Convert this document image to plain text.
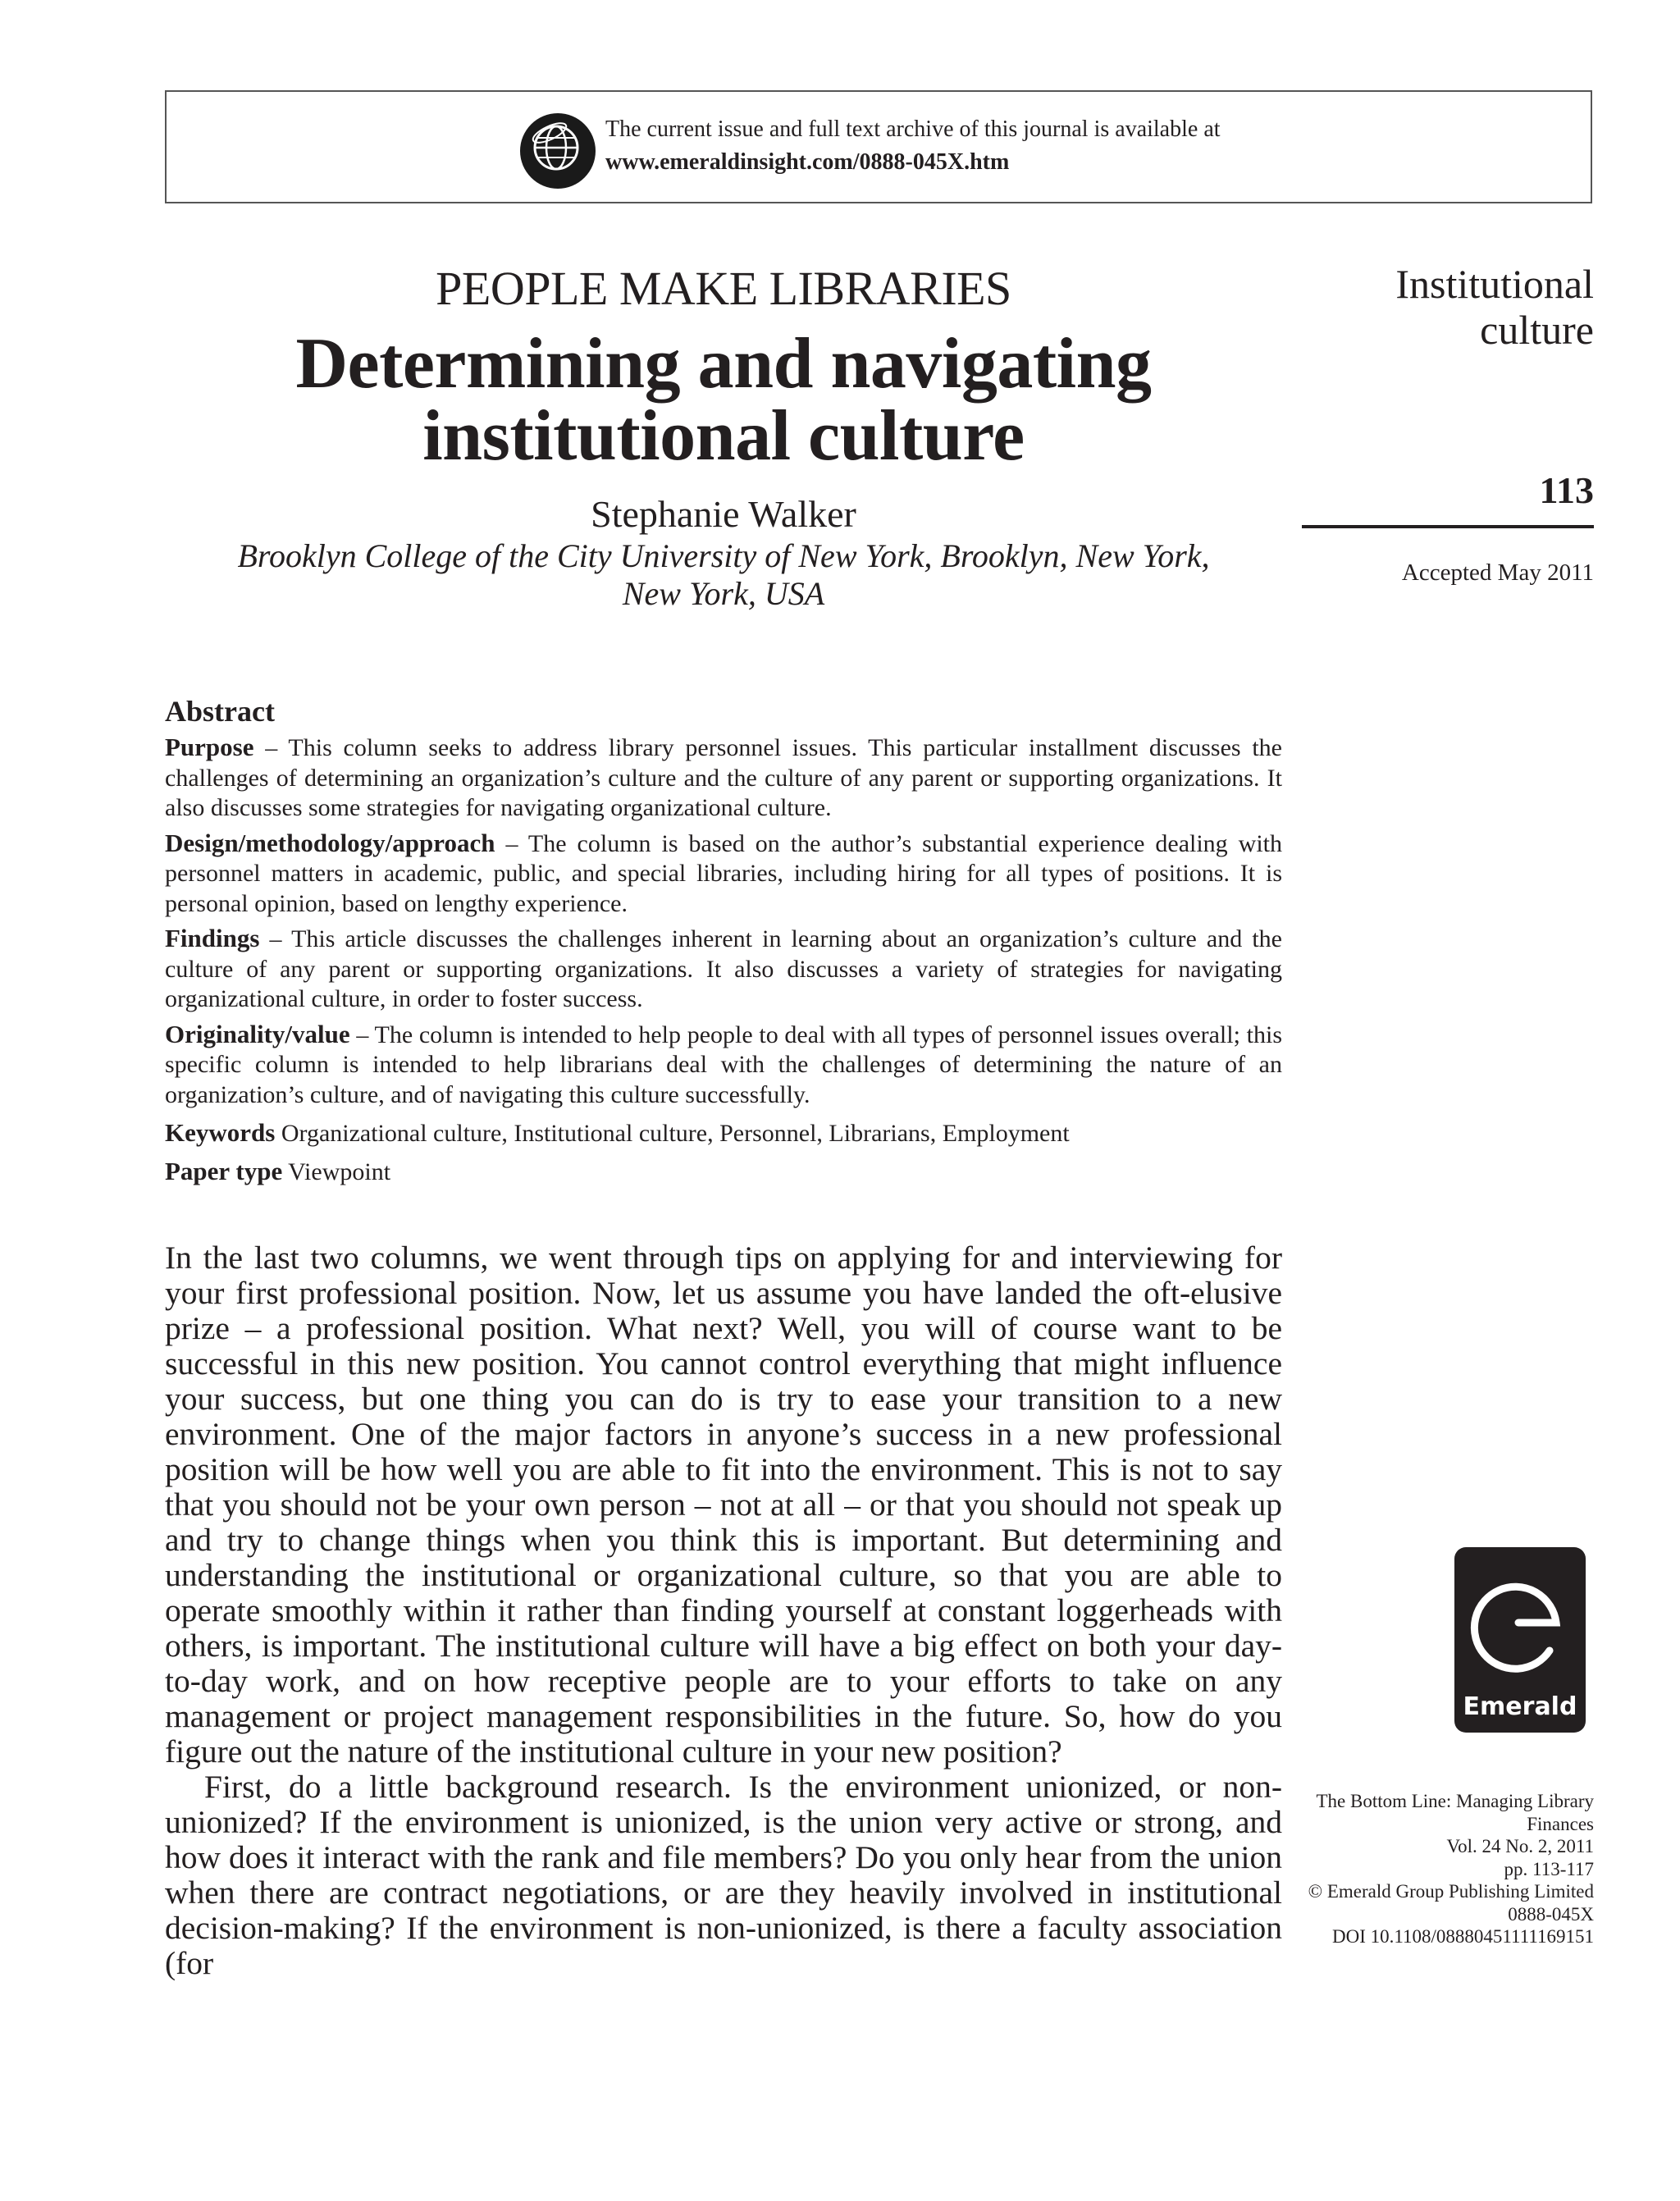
The current issue and full text archive of this journal is available at
www.emeraldinsight.com/0888-045X.htm
PEOPLE MAKE LIBRARIES
Determining and navigating
institutional culture
Stephanie Walker
Brooklyn College of the City University of New York, Brooklyn, New York,
New York, USA
Institutional
culture
113
Accepted May 2011
Abstract

Purpose – This column seeks to address library personnel issues. This particular installment discusses the challenges of determining an organization’s culture and the culture of any parent or supporting organizations. It also discusses some strategies for navigating organizational culture.

Design/methodology/approach – The column is based on the author’s substantial experience dealing with personnel matters in academic, public, and special libraries, including hiring for all types of positions. It is personal opinion, based on lengthy experience.

Findings – This article discusses the challenges inherent in learning about an organization’s culture and the culture of any parent or supporting organizations. It also discusses a variety of strategies for navigating organizational culture, in order to foster success.

Originality/value – The column is intended to help people to deal with all types of personnel issues overall; this specific column is intended to help librarians deal with the challenges of determining the nature of an organization’s culture, and of navigating this culture successfully.

Keywords Organizational culture, Institutional culture, Personnel, Librarians, Employment

Paper type Viewpoint

In the last two columns, we went through tips on applying for and interviewing for your first professional position. Now, let us assume you have landed the oft-elusive prize – a professional position. What next? Well, you will of course want to be successful in this new position. You cannot control everything that might influence your success, but one thing you can do is try to ease your transition to a new environment. One of the major factors in anyone’s success in a new professional position will be how well you are able to fit into the environment. This is not to say that you should not be your own person – not at all – or that you should not speak up and try to change things when you think this is important. But determining and understanding the institutional or organizational culture, so that you are able to operate smoothly within it rather than finding yourself at constant loggerheads with others, is important. The institutional culture will have a big effect on both your day-to-day work, and on how receptive people are to your efforts to take on any management or project management responsibilities in the future. So, how do you figure out the nature of the institutional culture in your new position?

First, do a little background research. Is the environment unionized, or non-unionized? If the environment is unionized, is the union very active or strong, and how does it interact with the rank and file members? Do you only hear from the union when there are contract negotiations, or are they heavily involved in institutional decision-making? If the environment is non-unionized, is there a faculty association (for

Emerald
The Bottom Line: Managing Library
Finances
Vol. 24 No. 2, 2011
pp. 113-117
© Emerald Group Publishing Limited
0888-045X
DOI 10.1108/08880451111169151
